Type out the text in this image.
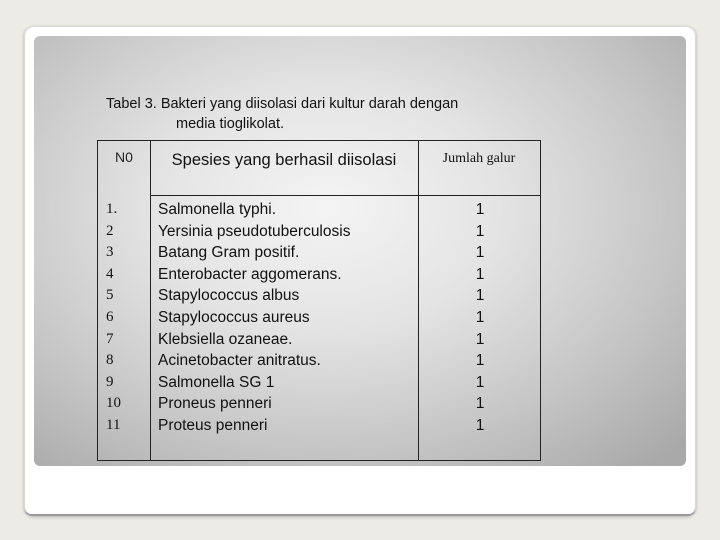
Tabel 3. Bakteri yang diisolasi dari kultur darah dengan
media tioglikolat.
N0	Spesies yang berhasil diisolasi	Jumlah galur
1.
2
3
4
5
6
7
8
9
10
11
Salmonella typhi.
Yersinia pseudotuberculosis
Batang Gram positif.
Enterobacter aggomerans.
Stapylococcus albus
Stapylococcus aureus
Klebsiella ozaneae.
Acinetobacter anitratus.
Salmonella SG 1
Proneus penneri
Proteus penneri
1
1
1
1
1
1
1
1
1
1
1
